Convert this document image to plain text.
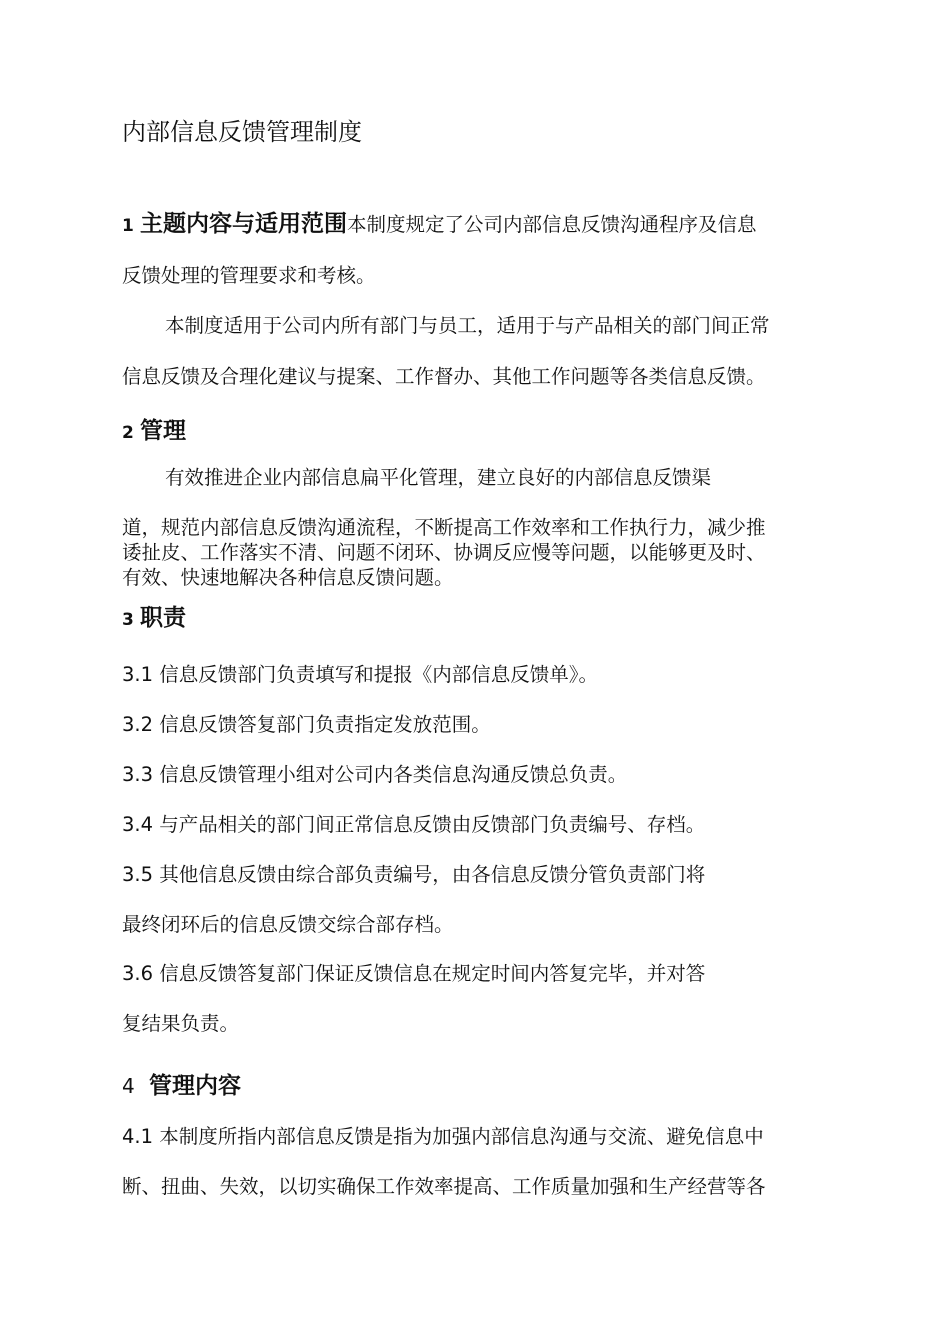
内部信息反馈管理制度
1 主题内容与适用范围本制度规定了公司内部信息反馈沟通程序及信息
反馈处理的管理要求和考核。
本制度适用于公司内所有部门与员工，适用于与产品相关的部门间正常
信息反馈及合理化建议与提案、工作督办、其他工作问题等各类信息反馈。
2 管理
有效推进企业内部信息扁平化管理，建立良好的内部信息反馈渠
道，规范内部信息反馈沟通流程，不断提高工作效率和工作执行力，减少推
诿扯皮、工作落实不清、问题不闭环、协调反应慢等问题，以能够更及时、
有效、快速地解决各种信息反馈问题。
3 职责
3.1 信息反馈部门负责填写和提报《内部信息反馈单》。
3.2 信息反馈答复部门负责指定发放范围。
3.3 信息反馈管理小组对公司内各类信息沟通反馈总负责。
3.4 与产品相关的部门间正常信息反馈由反馈部门负责编号、存档。
3.5 其他信息反馈由综合部负责编号，由各信息反馈分管负责部门将
最终闭环后的信息反馈交综合部存档。
3.6 信息反馈答复部门保证反馈信息在规定时间内答复完毕，并对答
复结果负责。
4 管理内容
4.1 本制度所指内部信息反馈是指为加强内部信息沟通与交流、避免信息中
断、扭曲、失效，以切实确保工作效率提高、工作质量加强和生产经营等各
